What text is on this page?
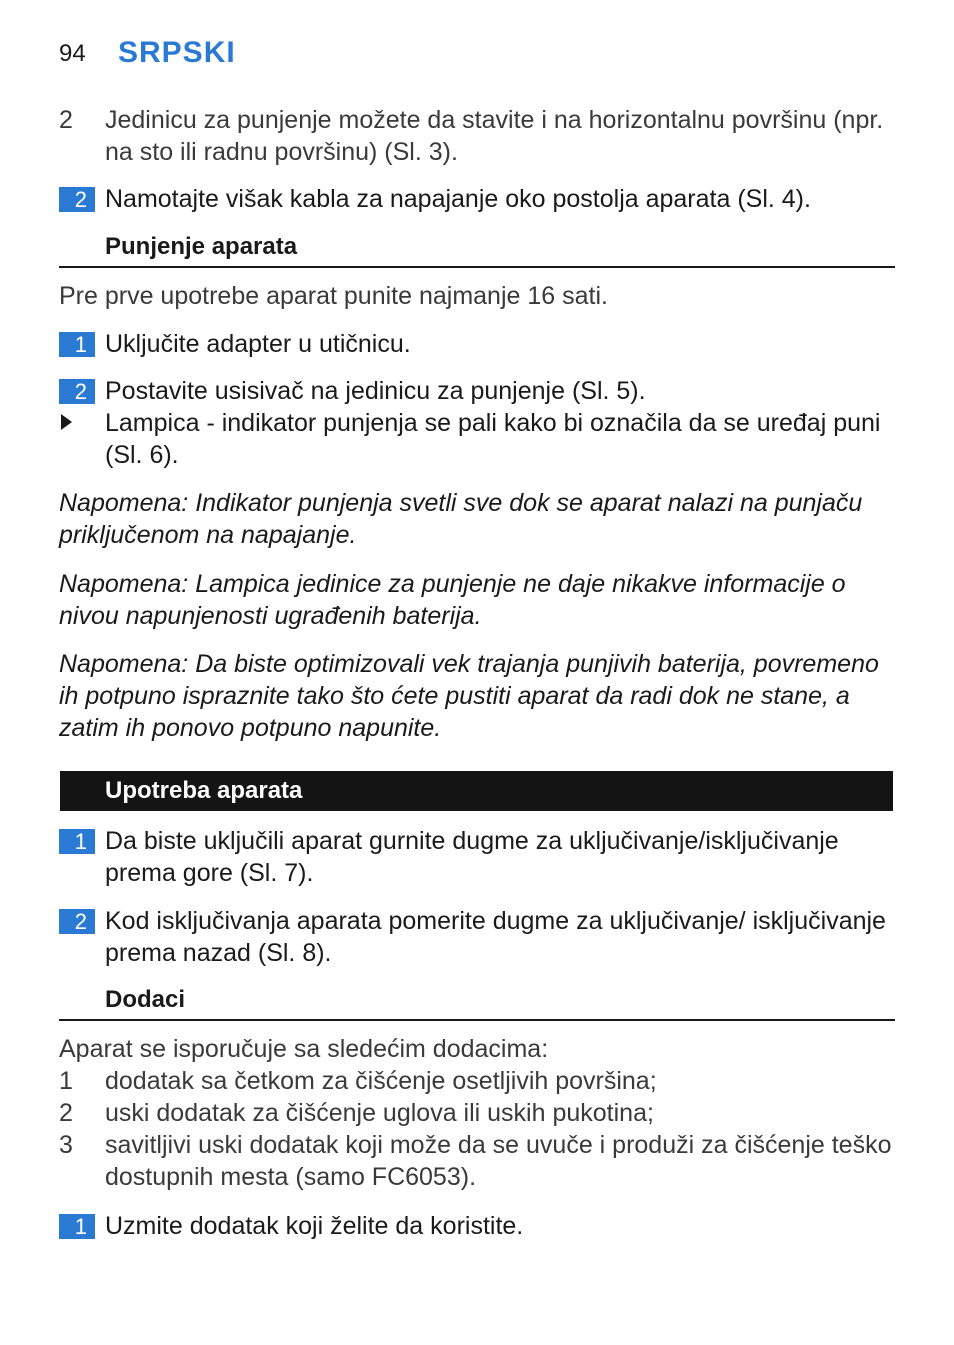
94 SRPSKI
2	Jedinicu za punjenje možete da stavite i na horizontalnu površinu (npr. na sto ili radnu površinu) (Sl. 3).
2 Namotajte višak kabla za napajanje oko postolja aparata (Sl. 4).
Punjenje aparata
Pre prve upotrebe aparat punite najmanje 16 sati.
1 Uključite adapter u utičnicu.
2 Postavite usisivač na jedinicu za punjenje (Sl. 5).
Lampica - indikator punjenja se pali kako bi označila da se uređaj puni (Sl. 6).
Napomena: Indikator punjenja svetli sve dok se aparat nalazi na punjaču priključenom na napajanje.
Napomena: Lampica jedinice za punjenje ne daje nikakve informacije o nivou napunjenosti ugrađenih baterija.
Napomena: Da biste optimizovali vek trajanja punjivih baterija, povremeno ih potpuno ispraznite tako što ćete pustiti aparat da radi dok ne stane, a zatim ih ponovo potpuno napunite.
Upotreba aparata
1 Da biste uključili aparat gurnite dugme za uključivanje/isključivanje prema gore (Sl. 7).
2 Kod isključivanja aparata pomerite dugme za uključivanje/ isključivanje prema nazad (Sl. 8).
Dodaci
Aparat se isporučuje sa sledećim dodacima:
1	dodatak sa četkom za čišćenje osetljivih površina;
2	uski dodatak za čišćenje uglova ili uskih pukotina;
3	savitljivi uski dodatak koji može da se uvuče i produži za čišćenje teško dostupnih mesta (samo FC6053).
1 Uzmite dodatak koji želite da koristite.
